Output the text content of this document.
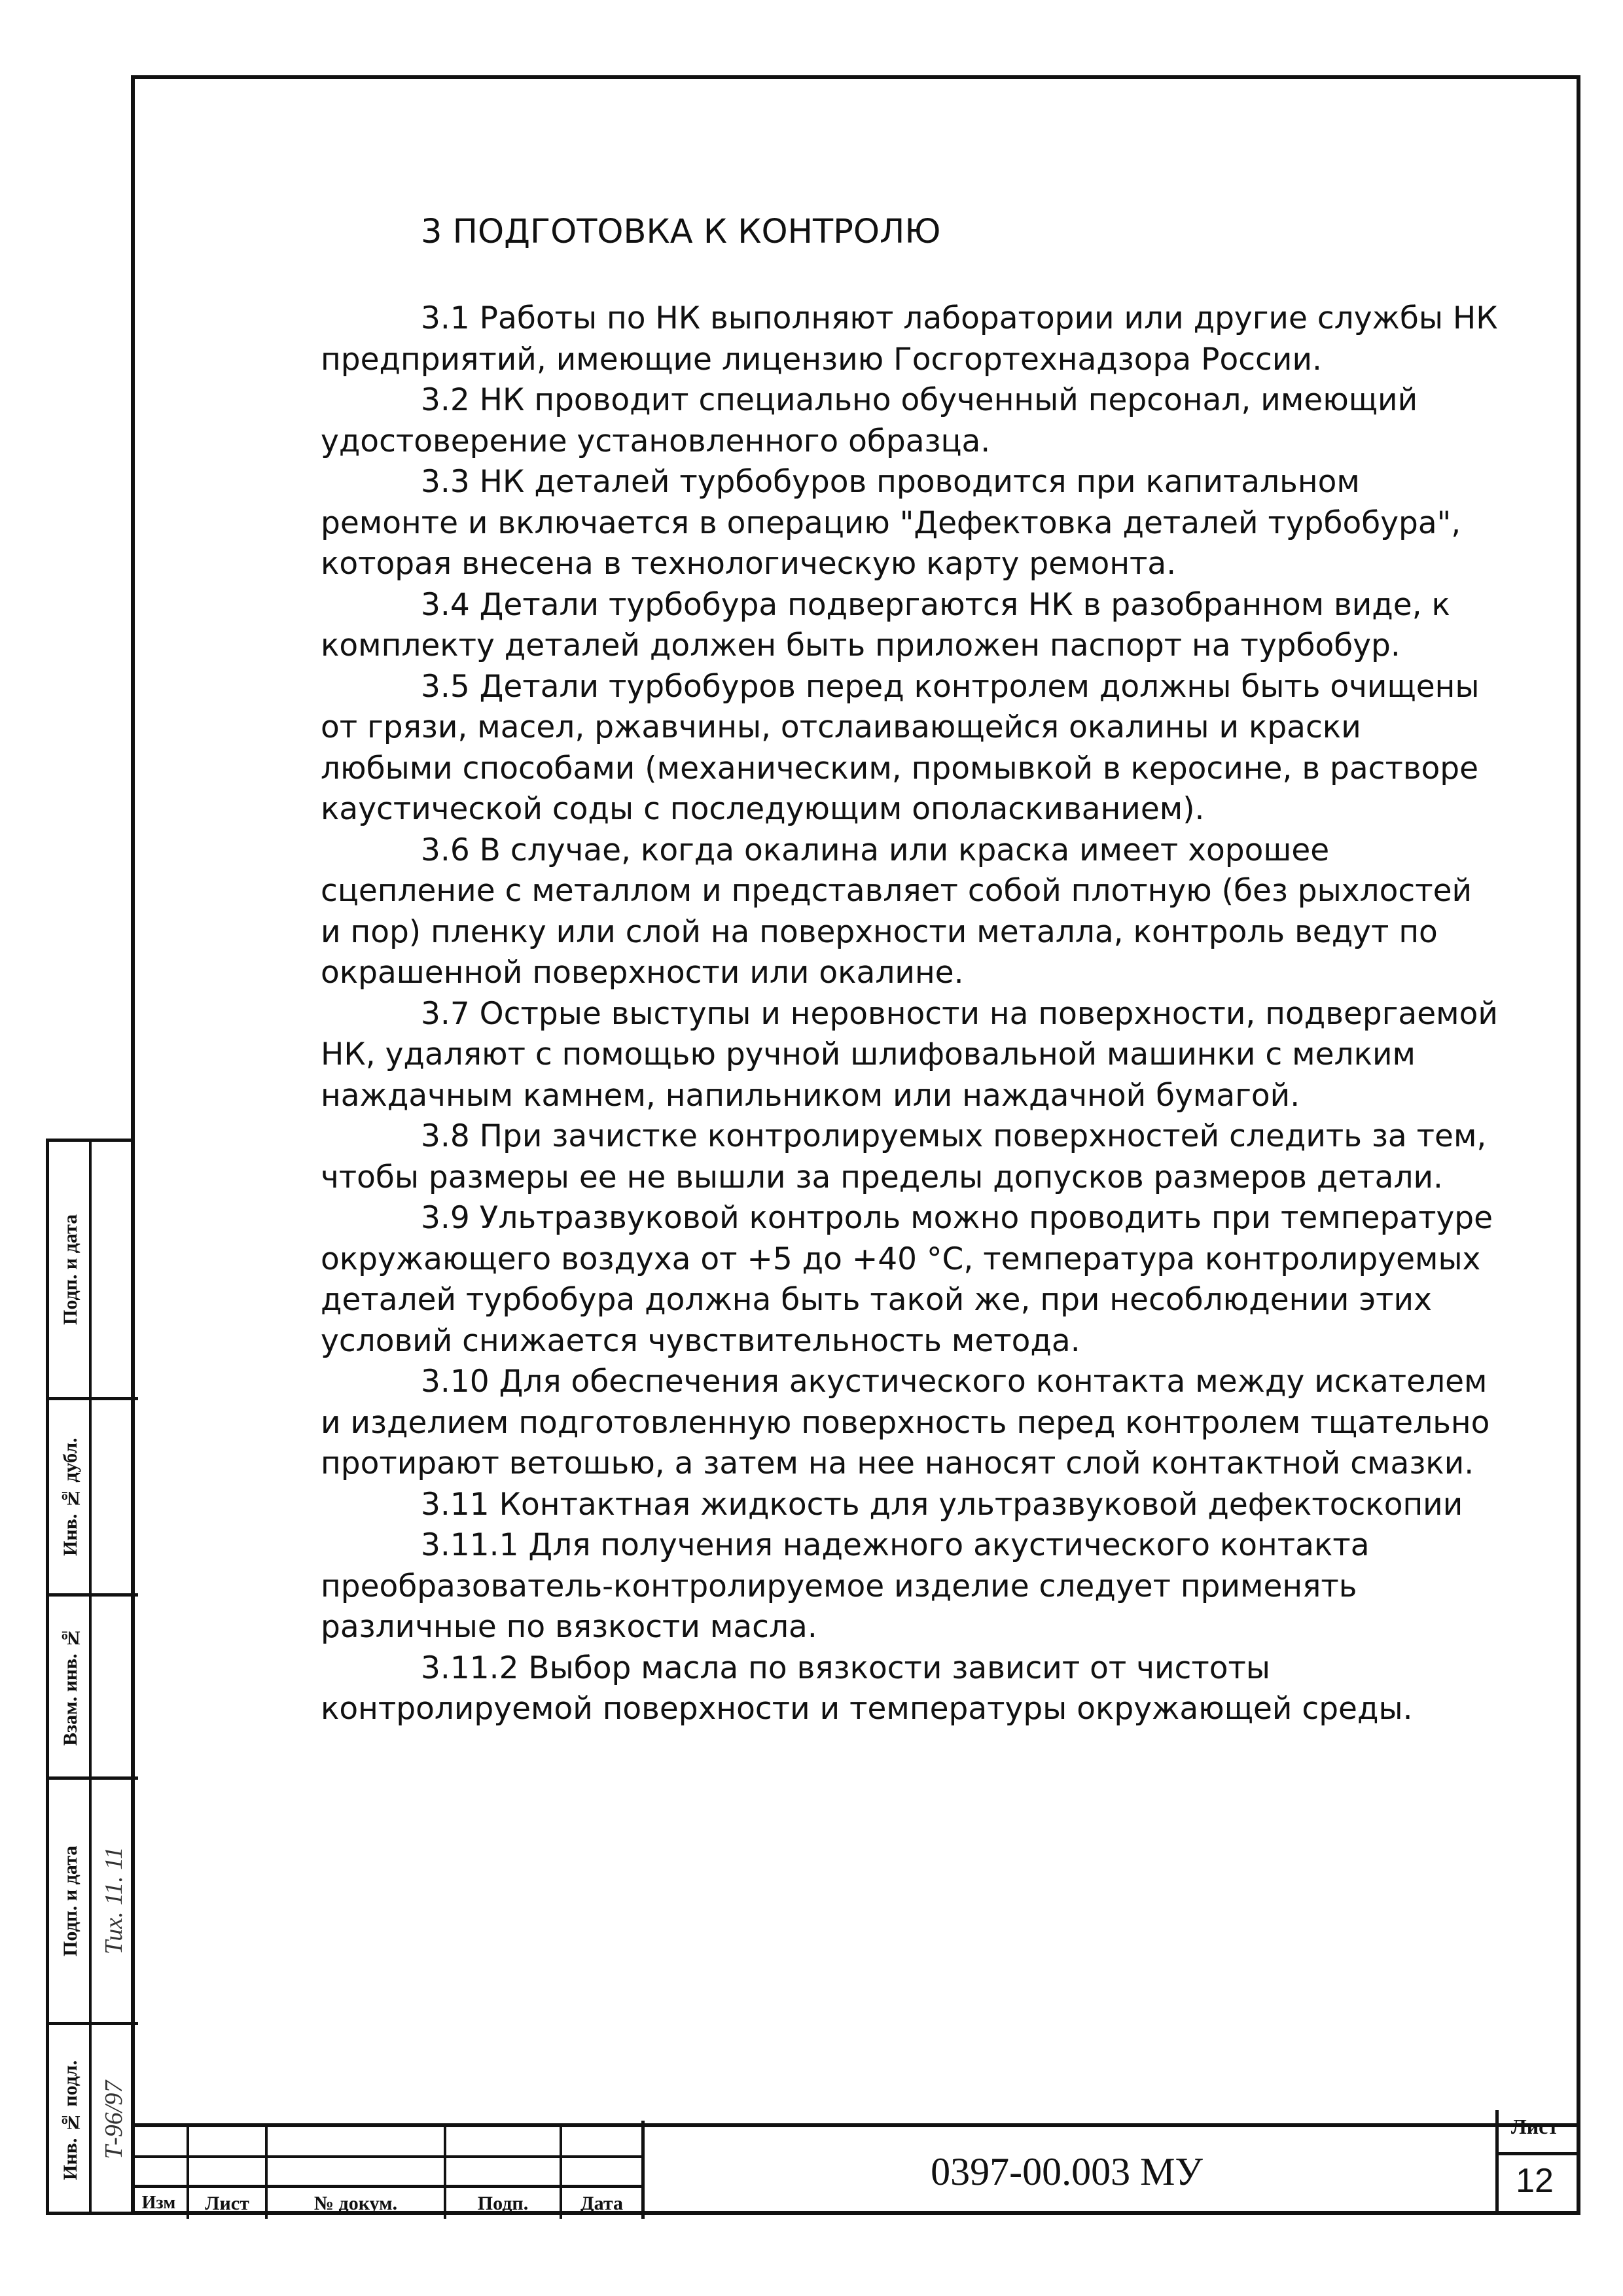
3 ПОДГОТОВКА К КОНТРОЛЮ

3.1 Работы по НК выполняют лаборатории или другие службы НК предприятий, имеющие лицензию Госгортехнадзора России.

3.2 НК проводит специально обученный персонал, имеющий удостоверение установленного образца.

3.3 НК деталей турбобуров проводится при капитальном ремонте и включается в операцию "Дефектовка деталей турбобура", которая внесена в технологическую карту ремонта.

3.4 Детали турбобура подвергаются НК в разобранном виде, к комплекту деталей должен быть приложен паспорт на турбобур.

3.5 Детали турбобуров перед контролем должны быть очищены от грязи, масел, ржавчины, отслаивающейся окалины и краски любыми способами (механическим, промывкой в керосине, в растворе каустической соды с последующим ополаскиванием).

3.6 В случае, когда окалина или краска имеет хорошее сцепление с металлом и представляет собой плотную (без рыхлостей и пор) пленку или слой на поверхности металла, контроль ведут по окрашенной поверхности или окалине.

3.7 Острые выступы и неровности на поверхности, подвергаемой НК, удаляют с помощью ручной шлифовальной машинки с мелким наждачным камнем, напильником или наждачной бумагой.

3.8 При зачистке контролируемых поверхностей следить за тем, чтобы размеры ее не вышли за пределы допусков размеров детали.

3.9 Ультразвуковой контроль можно проводить при температуре окружающего воздуха от +5 до +40 °С, температура контролируемых деталей турбобура должна быть такой же, при несоблюдении этих условий снижается чувствительность метода.

3.10 Для обеспечения акустического контакта между искателем и изделием подготовленную поверхность перед контролем тщательно протирают ветошью, а затем на нее наносят слой контактной смазки.

3.11 Контактная жидкость для ультразвуковой дефектоскопии

3.11.1 Для получения надежного акустического контакта преобразователь-контролируемое изделие следует применять различные по вязкости масла.

3.11.2 Выбор масла по вязкости зависит от чистоты контролируемой поверхности и температуры окружающей среды.

Подп. и дата
Инв. № дубл.
Взам. инв. №
Подп. и дата Тих. 11. 11
Инв. № подл. Т-96/97
Изм	Лист	№ докум.	Подп.	Дата
0397-00.003 МУ
Лист
12
